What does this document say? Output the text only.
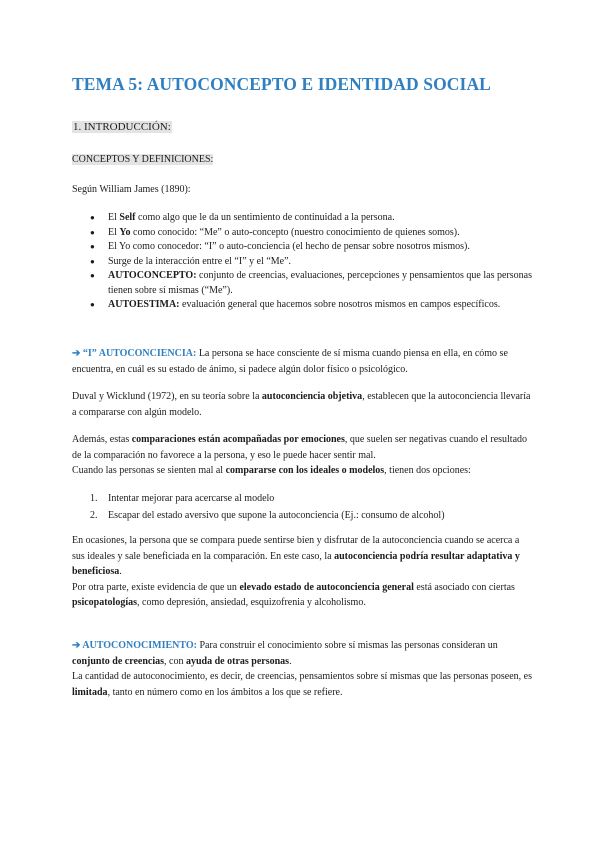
TEMA 5: AUTOCONCEPTO E IDENTIDAD SOCIAL

1. INTRODUCCIÓN:

CONCEPTOS Y DEFINICIONES:

Según William James (1890):

● El Self como algo que le da un sentimiento de continuidad a la persona.
● El Yo como conocido: “Me” o auto-concepto (nuestro conocimiento de quienes somos).
● El Yo como conocedor: “I” o auto-conciencia (el hecho de pensar sobre nosotros mismos).
● Surge de la interacción entre el “I” y el “Me”.
● AUTOCONCEPTO: conjunto de creencias, evaluaciones, percepciones y pensamientos que las personas tienen sobre sí mismas (“Me”).
● AUTOESTIMA: evaluación general que hacemos sobre nosotros mismos en campos específicos.

➔ “I” AUTOCONCIENCIA: La persona se hace consciente de sí misma cuando piensa en ella, en cómo se encuentra, en cuál es su estado de ánimo, si padece algún dolor físico o psicológico.

Duval y Wicklund (1972), en su teoría sobre la autoconciencia objetiva, establecen que la autoconciencia llevaría a compararse con algún modelo.

Además, estas comparaciones están acompañadas por emociones, que suelen ser negativas cuando el resultado de la comparación no favorece a la persona, y eso le puede hacer sentir mal.
Cuando las personas se sienten mal al compararse con los ideales o modelos, tienen dos opciones:

1. Intentar mejorar para acercarse al modelo
2. Escapar del estado aversivo que supone la autoconciencia (Ej.: consumo de alcohol)

En ocasiones, la persona que se compara puede sentirse bien y disfrutar de la autoconciencia cuando se acerca a sus ideales y sale beneficiada en la comparación. En este caso, la autoconciencia podría resultar adaptativa y beneficiosa.
Por otra parte, existe evidencia de que un elevado estado de autoconciencia general está asociado con ciertas psicopatologías, como depresión, ansiedad, esquizofrenia y alcoholismo.

➔ AUTOCONOCIMIENTO: Para construir el conocimiento sobre sí mismas las personas consideran un conjunto de creencias, con ayuda de otras personas.
La cantidad de autoconocimiento, es decir, de creencias, pensamientos sobre sí mismas que las personas poseen, es limitada, tanto en número como en los ámbitos a los que se refiere.
